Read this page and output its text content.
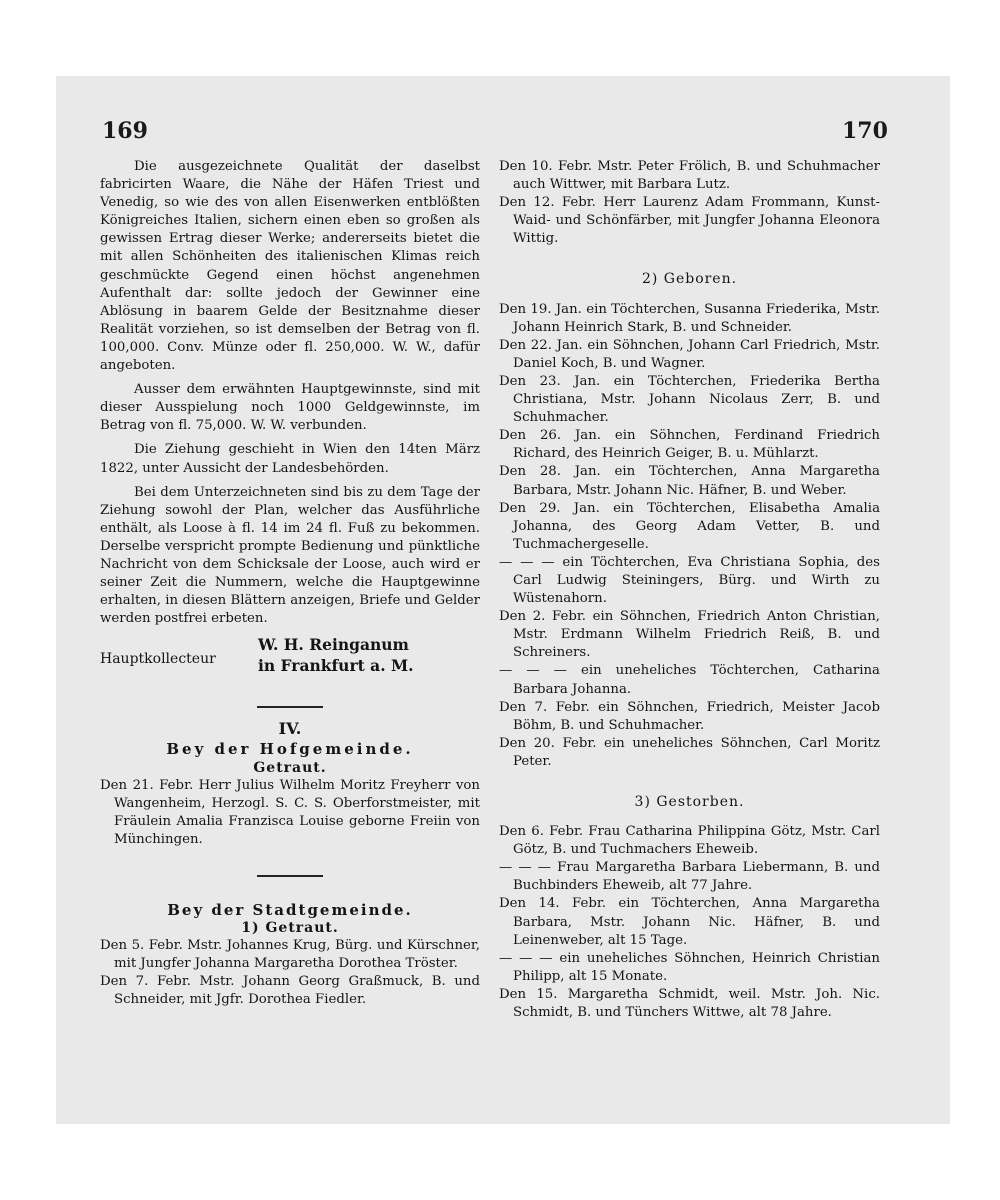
169	170

Die ausgezeichnete Qualität der daselbst fabricirten Waare, die Nähe der Häfen Triest und Venedig, so wie des von allen Eisenwerken entblößten Königreiches Italien, sichern einen eben so großen als gewissen Ertrag dieser Werke; andererseits bietet die mit allen Schönheiten des italienischen Klimas reich geschmückte Gegend einen höchst angenehmen Aufenthalt dar: sollte jedoch der Gewinner eine Ablösung in baarem Gelde der Besitznahme dieser Realität vorziehen, so ist demselben der Betrag von fl. 100,000. Conv. Münze oder fl. 250,000. W. W., dafür angeboten.

Ausser dem erwähnten Hauptgewinnste, sind mit dieser Ausspielung noch 1000 Geldgewinnste, im Betrag von fl. 75,000. W. W. verbunden.

Die Ziehung geschieht in Wien den 14ten März 1822, unter Aussicht der Landesbehörden.

Bei dem Unterzeichneten sind bis zu dem Tage der Ziehung sowohl der Plan, welcher das Ausführliche enthält, als Loose à fl. 14 im 24 fl. Fuß zu bekommen. Derselbe verspricht prompte Bedienung und pünktliche Nachricht von dem Schicksale der Loose, auch wird er seiner Zeit die Nummern, welche die Hauptgewinne erhalten, in diesen Blättern anzeigen, Briefe und Gelder werden postfrei erbeten.

Hauptkollecteur
W. H. Reinganum
in Frankfurt a. M.
IV.
Bey der Hofgemeinde.
Getraut.

Den 21. Febr. Herr Julius Wilhelm Moritz Freyherr von Wangenheim, Herzogl. S. C. S. Oberforstmeister, mit Fräulein Amalia Franzisca Louise geborne Freiin von Münchingen.

Bey der Stadtgemeinde.
1) Getraut.

Den 5. Febr. Mstr. Johannes Krug, Bürg. und Kürschner, mit Jungfer Johanna Margaretha Dorothea Tröster.

Den 7. Febr. Mstr. Johann Georg Graßmuck, B. und Schneider, mit Jgfr. Dorothea Fiedler.

Den 10. Febr. Mstr. Peter Frölich, B. und Schuhmacher auch Wittwer, mit Barbara Lutz.

Den 12. Febr. Herr Laurenz Adam Frommann, Kunst- Waid- und Schönfärber, mit Jungfer Johanna Eleonora Wittig.

2) Geboren.

Den 19. Jan. ein Töchterchen, Susanna Friederika, Mstr. Johann Heinrich Stark, B. und Schneider.

Den 22. Jan. ein Söhnchen, Johann Carl Friedrich, Mstr. Daniel Koch, B. und Wagner.

Den 23. Jan. ein Töchterchen, Friederika Bertha Christiana, Mstr. Johann Nicolaus Zerr, B. und Schuhmacher.

Den 26. Jan. ein Söhnchen, Ferdinand Friedrich Richard, des Heinrich Geiger, B. u. Mühlarzt.

Den 28. Jan. ein Töchterchen, Anna Margaretha Barbara, Mstr. Johann Nic. Häfner, B. und Weber.

Den 29. Jan. ein Töchterchen, Elisabetha Amalia Johanna, des Georg Adam Vetter, B. und Tuchmachergeselle.

— — — ein Töchterchen, Eva Christiana Sophia, des Carl Ludwig Steiningers, Bürg. und Wirth zu Wüstenahorn.

Den 2. Febr. ein Söhnchen, Friedrich Anton Christian, Mstr. Erdmann Wilhelm Friedrich Reiß, B. und Schreiners.

— — — ein uneheliches Töchterchen, Catharina Barbara Johanna.

Den 7. Febr. ein Söhnchen, Friedrich, Meister Jacob Böhm, B. und Schuhmacher.

Den 20. Febr. ein uneheliches Söhnchen, Carl Moritz Peter.

3) Gestorben.

Den 6. Febr. Frau Catharina Philippina Götz, Mstr. Carl Götz, B. und Tuchmachers Eheweib.

— — — Frau Margaretha Barbara Liebermann, B. und Buchbinders Eheweib, alt 77 Jahre.

Den 14. Febr. ein Töchterchen, Anna Margaretha Barbara, Mstr. Johann Nic. Häfner, B. und Leinenweber, alt 15 Tage.

— — — ein uneheliches Söhnchen, Heinrich Christian Philipp, alt 15 Monate.

Den 15. Margaretha Schmidt, weil. Mstr. Joh. Nic. Schmidt, B. und Tünchers Wittwe, alt 78 Jahre.
